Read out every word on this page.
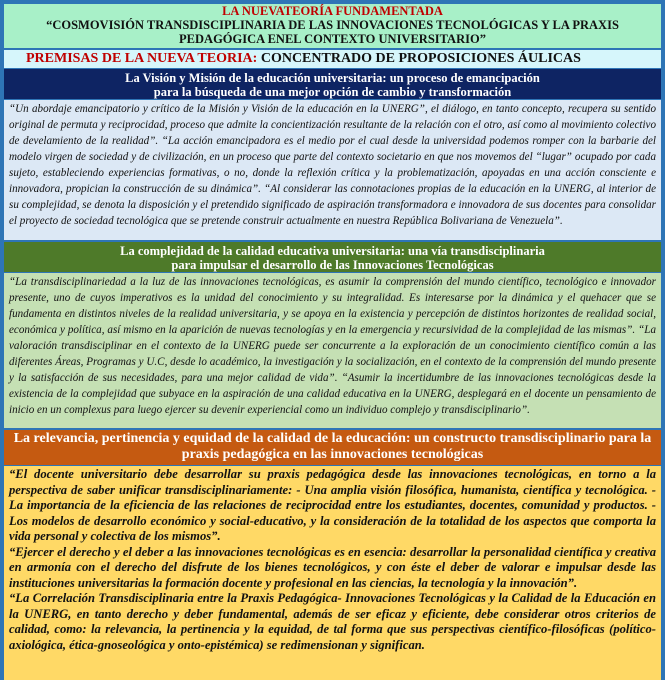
LA NUEVATEORÍA FUNDAMENTADA
“COSMOVISIÓN TRANSDISCIPLINARIA DE LAS INNOVACIONES TECNOLÓGICAS Y LA PRAXIS PEDAGÓGICA ENEL CONTEXTO UNIVERSITARIO”
PREMISAS DE LA NUEVA TEORIA: CONCENTRADO DE PROPOSICIONES ÁULICAS
La Visión y Misión de la educación universitaria: un proceso de emancipación
para la búsqueda de una mejor opción de cambio y transformación

“Un abordaje emancipatorio y crítico de la Misión y Visión de la educación en la UNERG”, el diálogo, en tanto concepto, recupera su sentido original de permuta y reciprocidad, proceso que admite la concientización resultante de la relación con el otro, así como al movimiento colectivo de develamiento de la realidad”. “La acción emancipadora es el medio por el cual desde la universidad podemos romper con la barbarie del modelo virgen de sociedad y de civilización, en un proceso que parte del contexto societario en que nos movemos del “lugar” ocupado por cada sujeto, estableciendo experiencias formativas, o no, donde la reflexión crítica y la problematización, apoyadas en una acción consciente e innovadora, propician la construcción de su dinámica”. “Al considerar las connotaciones propias de la educación en la UNERG, al interior de su complejidad, se denota la disposición y el pretendido significado de aspiración transformadora e innovadora de sus docentes para consolidar el proyecto de sociedad tecnológica que se pretende construir actualmente en nuestra República Bolivariana de Venezuela”.

La complejidad de la calidad educativa universitaria: una vía transdisciplinaria
para impulsar el desarrollo de las Innovaciones Tecnológicas

“La transdisciplinariedad a la luz de las innovaciones tecnológicas, es asumir la comprensión del mundo científico, tecnológico e innovador presente, uno de cuyos imperativos es la unidad del conocimiento y su integralidad. Es interesarse por la dinámica y el quehacer que se fundamenta en distintos niveles de la realidad universitaria, y se apoya en la existencia y percepción de distintos horizontes de realidad social, económica y política, así mismo en la aparición de nuevas tecnologías y en la emergencia y recursividad de la complejidad de las mismas”. “La valoración transdisciplinar en el contexto de la UNERG puede ser concurrente a la exploración de un conocimiento científico común a las diferentes Áreas, Programas y U.C, desde lo académico, la investigación y la socialización, en el contexto de la comprensión del mundo presente y la satisfacción de sus necesidades, para una mejor calidad de vida”. “Asumir la incertidumbre de las innovaciones tecnológicas desde la existencia de la complejidad que subyace en la aspiración de una calidad educativa en la UNERG, desplegará en el docente un pensamiento de inicio en un complexus para luego ejercer su devenir experiencial como un individuo complejo y transdisciplinario”.

La relevancia, pertinencia y equidad de la calidad de la educación: un constructo transdisciplinario para la
praxis pedagógica en las innovaciones tecnológicas

“El docente universitario debe desarrollar su praxis pedagógica desde las innovaciones tecnológicas, en torno a la perspectiva de saber unificar transdisciplinariamente: - Una amplia visión filosófica, humanista, científica y tecnológica. - La importancia de la eficiencia de las relaciones de reciprocidad entre los estudiantes, docentes, comunidad y productos. - Los modelos de desarrollo económico y social-educativo, y la consideración de la totalidad de los aspectos que comporta la vida personal y colectiva de los mismos”.

“Ejercer el derecho y el deber a las innovaciones tecnológicas es en esencia: desarrollar la personalidad científica y creativa en armonía con el derecho del disfrute de los bienes tecnológicos, y con éste el deber de valorar e impulsar desde las instituciones universitarias la formación docente y profesional en las ciencias, la tecnología y la innovación”.

“La Correlación Transdisciplinaria entre la Praxis Pedagógica- Innovaciones Tecnológicas y la Calidad de la Educación en la UNERG, en tanto derecho y deber fundamental, además de ser eficaz y eficiente, debe considerar otros criterios de calidad, como: la relevancia, la pertinencia y la equidad, de tal forma que sus perspectivas científico-filosóficas (político-axiológica, ética-gnoseológica y onto-epistémica) se redimensionan y significan.
